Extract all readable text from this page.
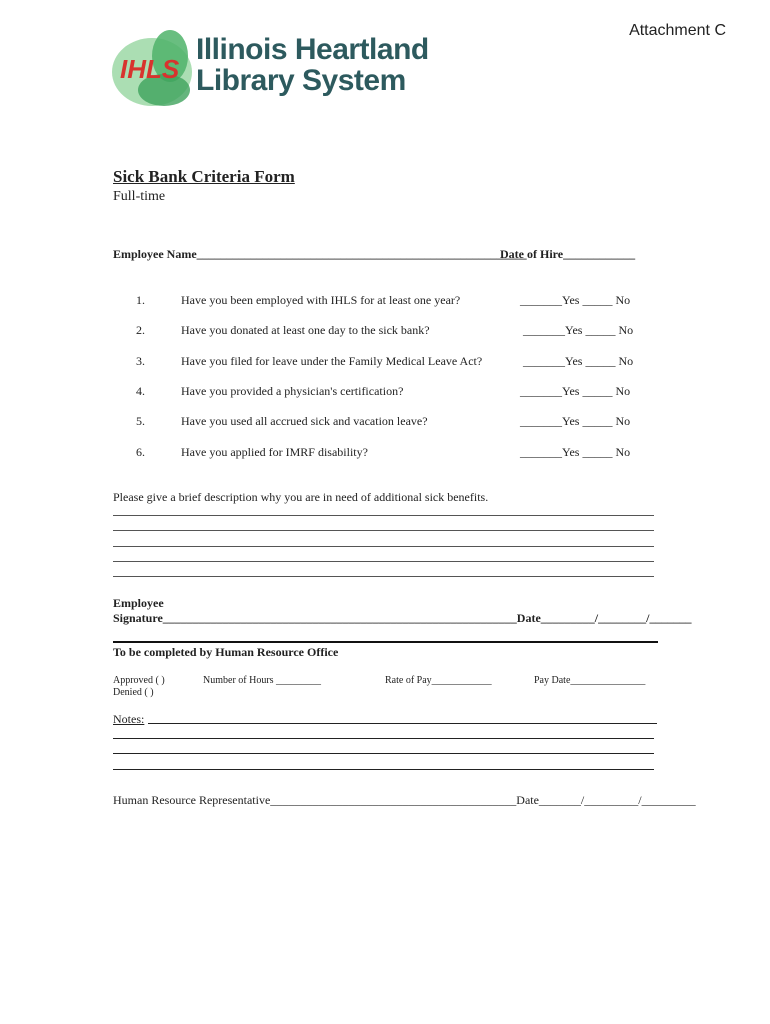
Attachment C
IHLS
Illinois Heartland
Library System
Sick Bank Criteria Form
Full-time
Employee Name_______________________________________________________
Date of Hire____________
1.	Have you been employed with IHLS for at least one year?	_______Yes _____ No
2.	Have you donated at least one day to the sick bank?	_______Yes _____ No
3.	Have you filed for leave under the Family Medical Leave Act?	_______Yes _____ No
4.	Have you provided a physician's certification?	_______Yes _____ No
5.	Have you used all accrued sick and vacation leave?	_______Yes _____ No
6.	Have you applied for IMRF disability?	_______Yes _____ No
Please give a brief description why you are in need of additional sick benefits.
Employee
Signature___________________________________________________________Date_________/________/_______
To be completed by Human Resource Office
Approved ( )
Denied ( )
Number of Hours _________	Rate of Pay____________	Pay Date_______________
Notes:
Human Resource Representative_________________________________________Date_______/_________/_________
